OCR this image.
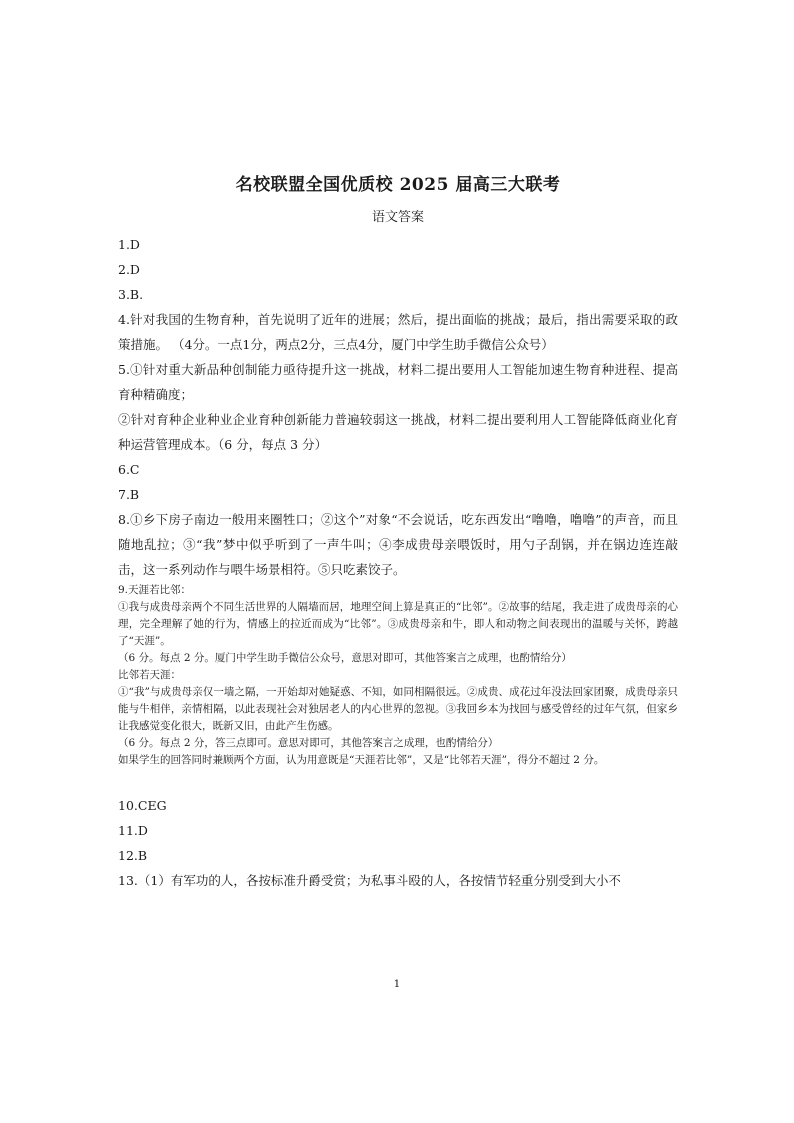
名校联盟全国优质校 2025 届高三大联考
语文答案

1.D

2.D

3.B.

4.针对我国的生物育种，首先说明了近年的进展；然后，提出面临的挑战；最后，指出需要采取的政策措施。 （4分。一点1分，两点2分，三点4分，厦门中学生助手微信公众号）

5.①针对重大新品种创制能力亟待提升这一挑战，材料二提出要用人工智能加速生物育种进程、提高育种精确度；

②针对育种企业种业企业育种创新能力普遍较弱这一挑战，材料二提出要利用人工智能降低商业化育种运营管理成本。（6 分，每点 3 分）

6.C

7.B

8.①乡下房子南边一般用来圈牲口；②这个”对象“不会说话，吃东西发出“噜噜，噜噜”的声音，而且随地乱拉；③“我”梦中似乎听到了一声牛叫；④李成贵母亲喂饭时，用勺子刮锅，并在锅边连连敲击，这一系列动作与喂牛场景相符。⑤只吃素饺子。

9.天涯若比邻：

①我与成贵母亲两个不同生活世界的人隔墙而居，地理空间上算是真正的“比邻”。②故事的结尾，我走进了成贵母亲的心理，完全理解了她的行为，情感上的拉近而成为“比邻”。③成贵母亲和牛，即人和动物之间表现出的温暖与关怀，跨越了“天涯”。

（6 分。每点 2 分。厦门中学生助手微信公众号，意思对即可，其他答案言之成理，也酌情给分）

比邻若天涯：

①“我”与成贵母亲仅一墙之隔，一开始却对她疑惑、不知，如同相隔很远。②成贵、成花过年没法回家团聚，成贵母亲只能与牛相伴，亲情相隔，以此表现社会对独居老人的内心世界的忽视。③我回乡本为找回与感受曾经的过年气氛，但家乡让我感觉变化很大，既新又旧，由此产生伤感。

（6 分。每点 2 分，答三点即可。意思对即可，其他答案言之成理，也酌情给分）

如果学生的回答同时兼顾两个方面，认为用意既是“天涯若比邻”，又是“比邻若天涯”，得分不超过 2 分。

10.CEG

11.D

12.B

13.（1）有军功的人，各按标准升爵受赏；为私事斗殴的人，各按情节轻重分别受到大小不

1
